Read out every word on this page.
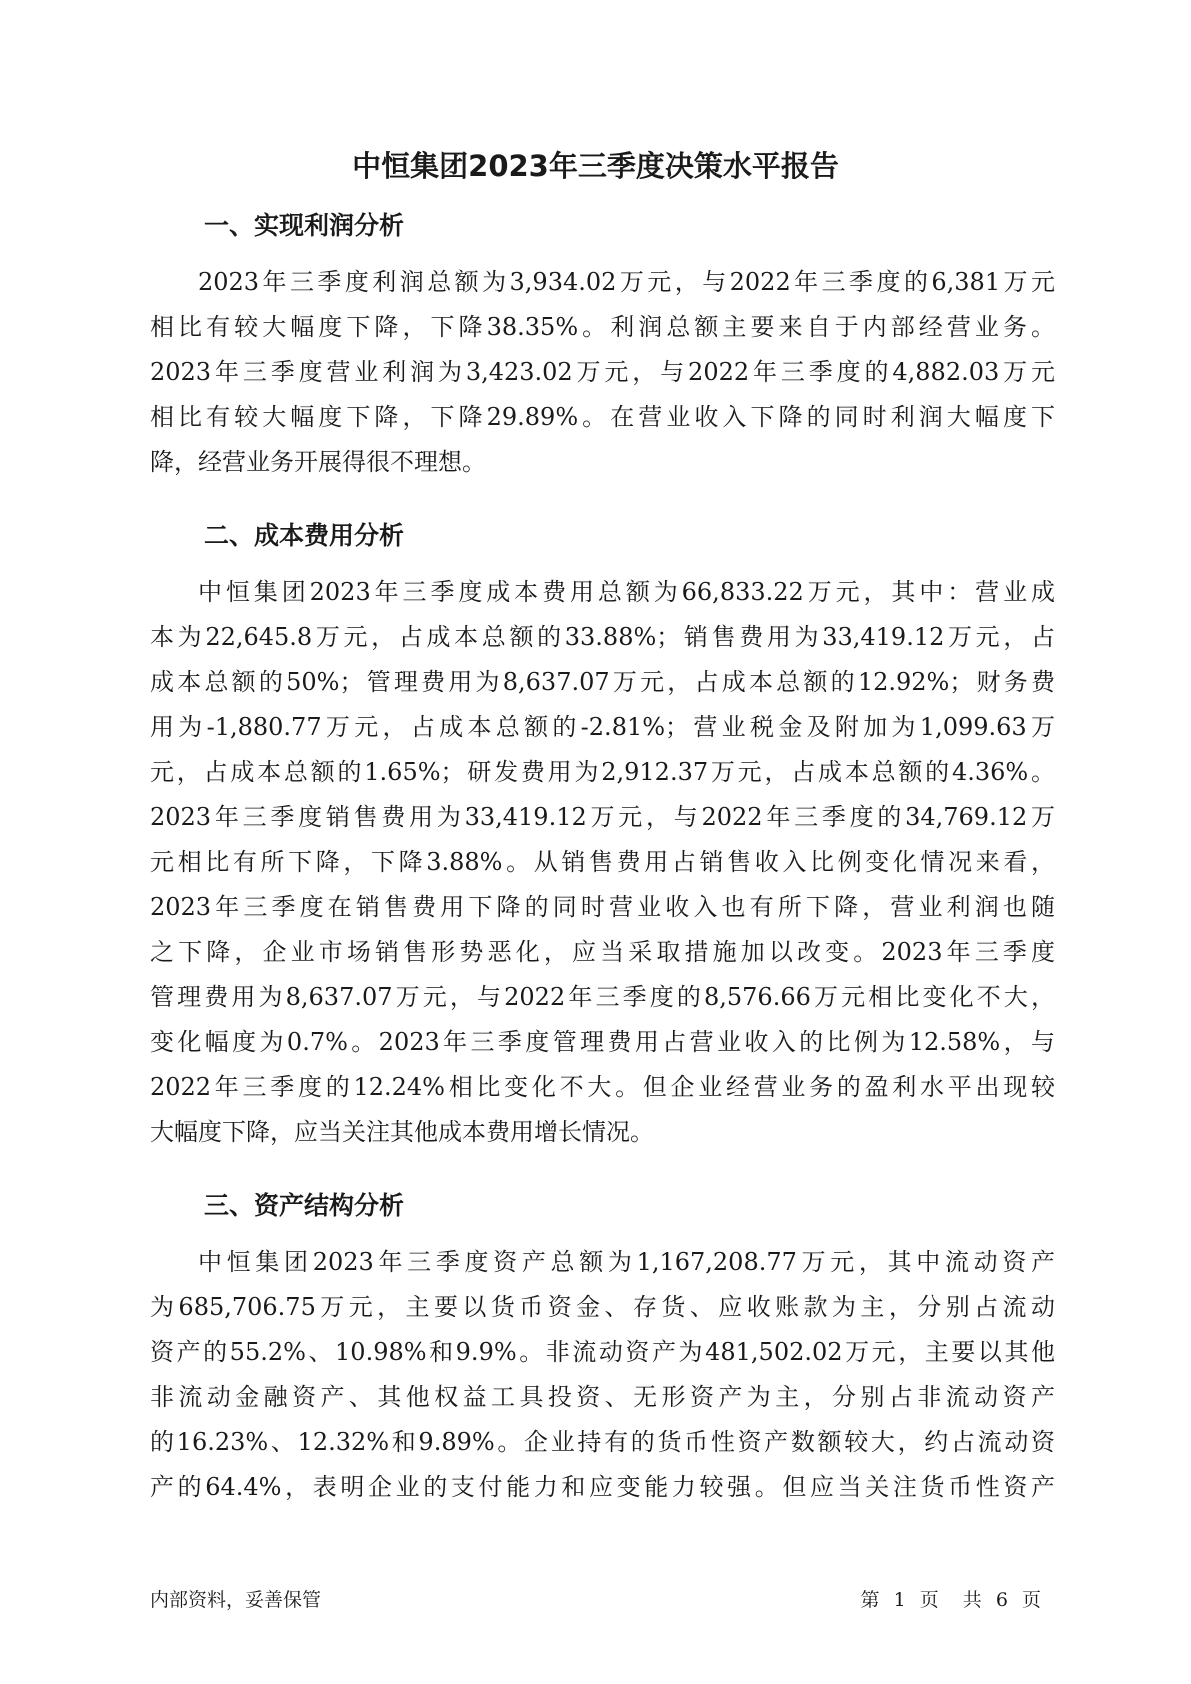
中恒集团2023年三季度决策水平报告
一、实现利润分析

2023年三季度利润总额为3,934.02万元，与2022年三季度的6,381万元

相比有较大幅度下降，下降38.35%。利润总额主要来自于内部经营业务。

2023年三季度营业利润为3,423.02万元，与2022年三季度的4,882.03万元

相比有较大幅度下降，下降29.89%。在营业收入下降的同时利润大幅度下

降，经营业务开展得很不理想。

二、成本费用分析

中恒集团2023年三季度成本费用总额为66,833.22万元，其中：营业成

本为22,645.8万元，占成本总额的33.88%；销售费用为33,419.12万元，占

成本总额的50%；管理费用为8,637.07万元，占成本总额的12.92%；财务费

用为-1,880.77万元，占成本总额的-2.81%；营业税金及附加为1,099.63万

元，占成本总额的1.65%；研发费用为2,912.37万元，占成本总额的4.36%。

2023年三季度销售费用为33,419.12万元，与2022年三季度的34,769.12万

元相比有所下降，下降3.88%。从销售费用占销售收入比例变化情况来看，

2023年三季度在销售费用下降的同时营业收入也有所下降，营业利润也随

之下降，企业市场销售形势恶化，应当采取措施加以改变。2023年三季度

管理费用为8,637.07万元，与2022年三季度的8,576.66万元相比变化不大，

变化幅度为0.7%。2023年三季度管理费用占营业收入的比例为12.58%，与

2022年三季度的12.24%相比变化不大。但企业经营业务的盈利水平出现较

大幅度下降，应当关注其他成本费用增长情况。

三、资产结构分析

中恒集团2023年三季度资产总额为1,167,208.77万元，其中流动资产

为685,706.75万元，主要以货币资金、存货、应收账款为主，分别占流动

资产的55.2%、10.98%和9.9%。非流动资产为481,502.02万元，主要以其他

非流动金融资产、其他权益工具投资、无形资产为主，分别占非流动资产

的16.23%、12.32%和9.89%。企业持有的货币性资产数额较大，约占流动资

产的64.4%，表明企业的支付能力和应变能力较强。但应当关注货币性资产

内部资料，妥善保管	第 1 页 共 6 页
